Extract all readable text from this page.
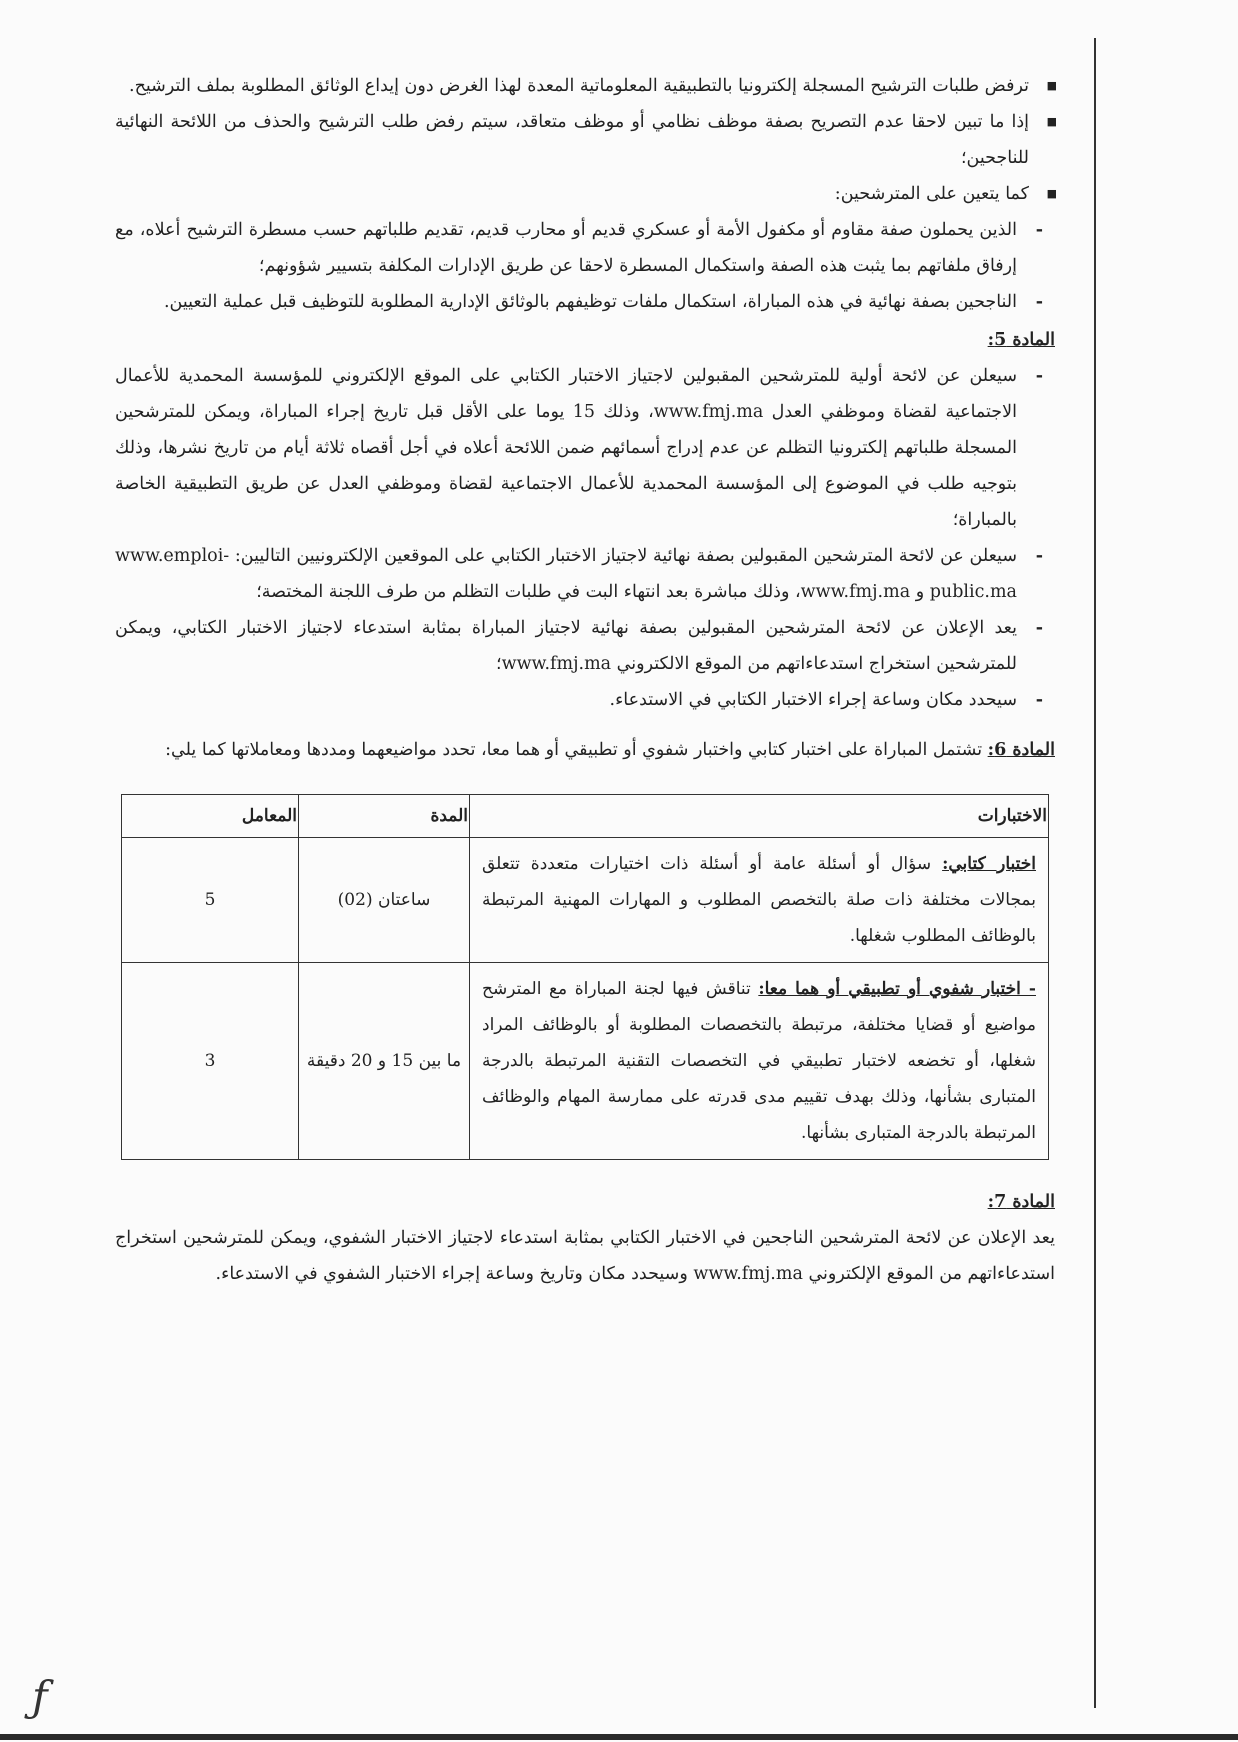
■ ترفض طلبات الترشيح المسجلة إلكترونيا بالتطبيقية المعلوماتية المعدة لهذا الغرض دون إيداع الوثائق المطلوبة بملف الترشيح.

■ إذا ما تبين لاحقا عدم التصريح بصفة موظف نظامي أو موظف متعاقد، سيتم رفض طلب الترشيح والحذف من اللائحة النهائية للناجحين؛

■ كما يتعين على المترشحين:

- الذين يحملون صفة مقاوم أو مكفول الأمة أو عسكري قديم أو محارب قديم، تقديم طلباتهم حسب مسطرة الترشيح أعلاه، مع إرفاق ملفاتهم بما يثبت هذه الصفة واستكمال المسطرة لاحقا عن طريق الإدارات المكلفة بتسيير شؤونهم؛

- الناجحين بصفة نهائية في هذه المباراة، استكمال ملفات توظيفهم بالوثائق الإدارية المطلوبة للتوظيف قبل عملية التعيين.

المادة 5:

- سيعلن عن لائحة أولية للمترشحين المقبولين لاجتياز الاختبار الكتابي على الموقع الإلكتروني للمؤسسة المحمدية للأعمال الاجتماعية لقضاة وموظفي العدل www.fmj.ma، وذلك 15 يوما على الأقل قبل تاريخ إجراء المباراة، ويمكن للمترشحين المسجلة طلباتهم إلكترونيا التظلم عن عدم إدراج أسمائهم ضمن اللائحة أعلاه في أجل أقصاه ثلاثة أيام من تاريخ نشرها، وذلك بتوجيه طلب في الموضوع إلى المؤسسة المحمدية للأعمال الاجتماعية لقضاة وموظفي العدل عن طريق التطبيقية الخاصة بالمباراة؛

- سيعلن عن لائحة المترشحين المقبولين بصفة نهائية لاجتياز الاختبار الكتابي على الموقعين الإلكترونيين التاليين: www.emploi-public.ma و www.fmj.ma، وذلك مباشرة بعد انتهاء البت في طلبات التظلم من طرف اللجنة المختصة؛

- يعد الإعلان عن لائحة المترشحين المقبولين بصفة نهائية لاجتياز المباراة بمثابة استدعاء لاجتياز الاختبار الكتابي، ويمكن للمترشحين استخراج استدعاءاتهم من الموقع الالكتروني www.fmj.ma؛

- سيحدد مكان وساعة إجراء الاختبار الكتابي في الاستدعاء.

المادة 6: تشتمل المباراة على اختبار كتابي واختبار شفوي أو تطبيقي أو هما معا، تحدد مواضيعهما ومددها ومعاملاتها كما يلي:

الاختبارات	المدة	المعامل
اختبار كتابي: سؤال أو أسئلة عامة أو أسئلة ذات اختيارات متعددة تتعلق بمجالات مختلفة ذات صلة بالتخصص المطلوب و المهارات المهنية المرتبطة بالوظائف المطلوب شغلها.	ساعتان (02)	5
- اختبار شفوي أو تطبيقي أو هما معا: تناقش فيها لجنة المباراة مع المترشح مواضيع أو قضايا مختلفة، مرتبطة بالتخصصات المطلوبة أو بالوظائف المراد شغلها، أو تخضعه لاختبار تطبيقي في التخصصات التقنية المرتبطة بالدرجة المتبارى بشأنها، وذلك بهدف تقييم مدى قدرته على ممارسة المهام والوظائف المرتبطة بالدرجة المتبارى بشأنها.	ما بين 15 و 20 دقيقة	3

المادة 7:

يعد الإعلان عن لائحة المترشحين الناجحين في الاختبار الكتابي بمثابة استدعاء لاجتياز الاختبار الشفوي، ويمكن للمترشحين استخراج استدعاءاتهم من الموقع الإلكتروني www.fmj.ma وسيحدد مكان وتاريخ وساعة إجراء الاختبار الشفوي في الاستدعاء.

ƒ
